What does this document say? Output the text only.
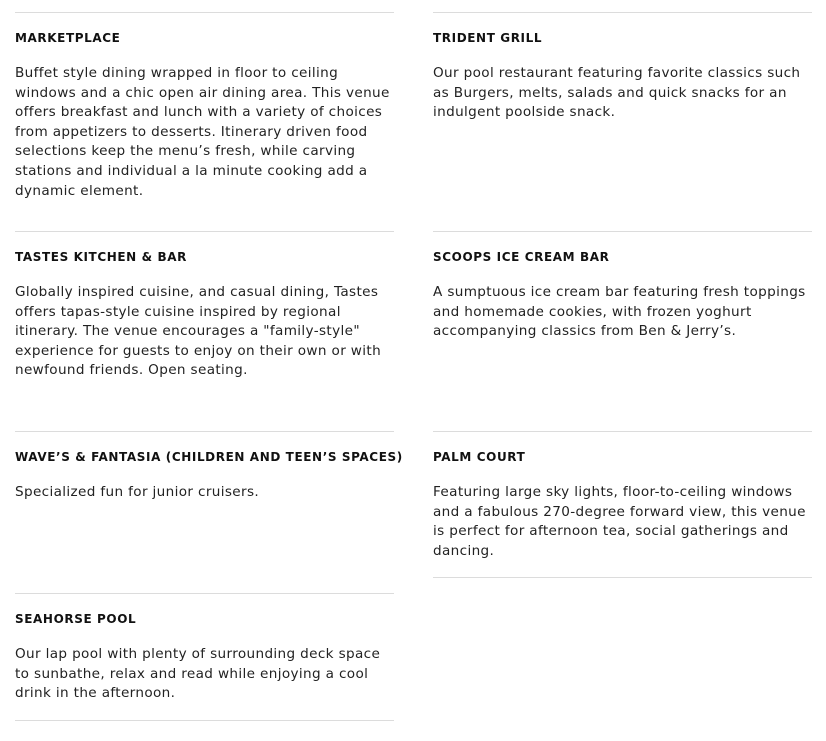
MARKETPLACE

Buffet style dining wrapped in floor to ceiling windows and a chic open air dining area. This venue offers breakfast and lunch with a variety of choices from appetizers to desserts. Itinerary driven food selections keep the menu’s fresh, while carving stations and individual a la minute cooking add a dynamic element.

TASTES KITCHEN & BAR

Globally inspired cuisine, and casual dining, Tastes offers tapas-style cuisine inspired by regional itinerary. The venue encourages a "family-style" experience for guests to enjoy on their own or with newfound friends. Open seating.

WAVE’S & FANTASIA (CHILDREN AND TEEN’S SPACES)

Specialized fun for junior cruisers.

SEAHORSE POOL

Our lap pool with plenty of surrounding deck space to sunbathe, relax and read while enjoying a cool drink in the afternoon.

TRIDENT GRILL

Our pool restaurant featuring favorite classics such as Burgers, melts, salads and quick snacks for an indulgent poolside snack.

SCOOPS ICE CREAM BAR

A sumptuous ice cream bar featuring fresh toppings and homemade cookies, with frozen yoghurt accompanying classics from Ben & Jerry’s.

PALM COURT

Featuring large sky lights, floor-to-ceiling windows and a fabulous 270-degree forward view, this venue is perfect for afternoon tea, social gatherings and dancing.
